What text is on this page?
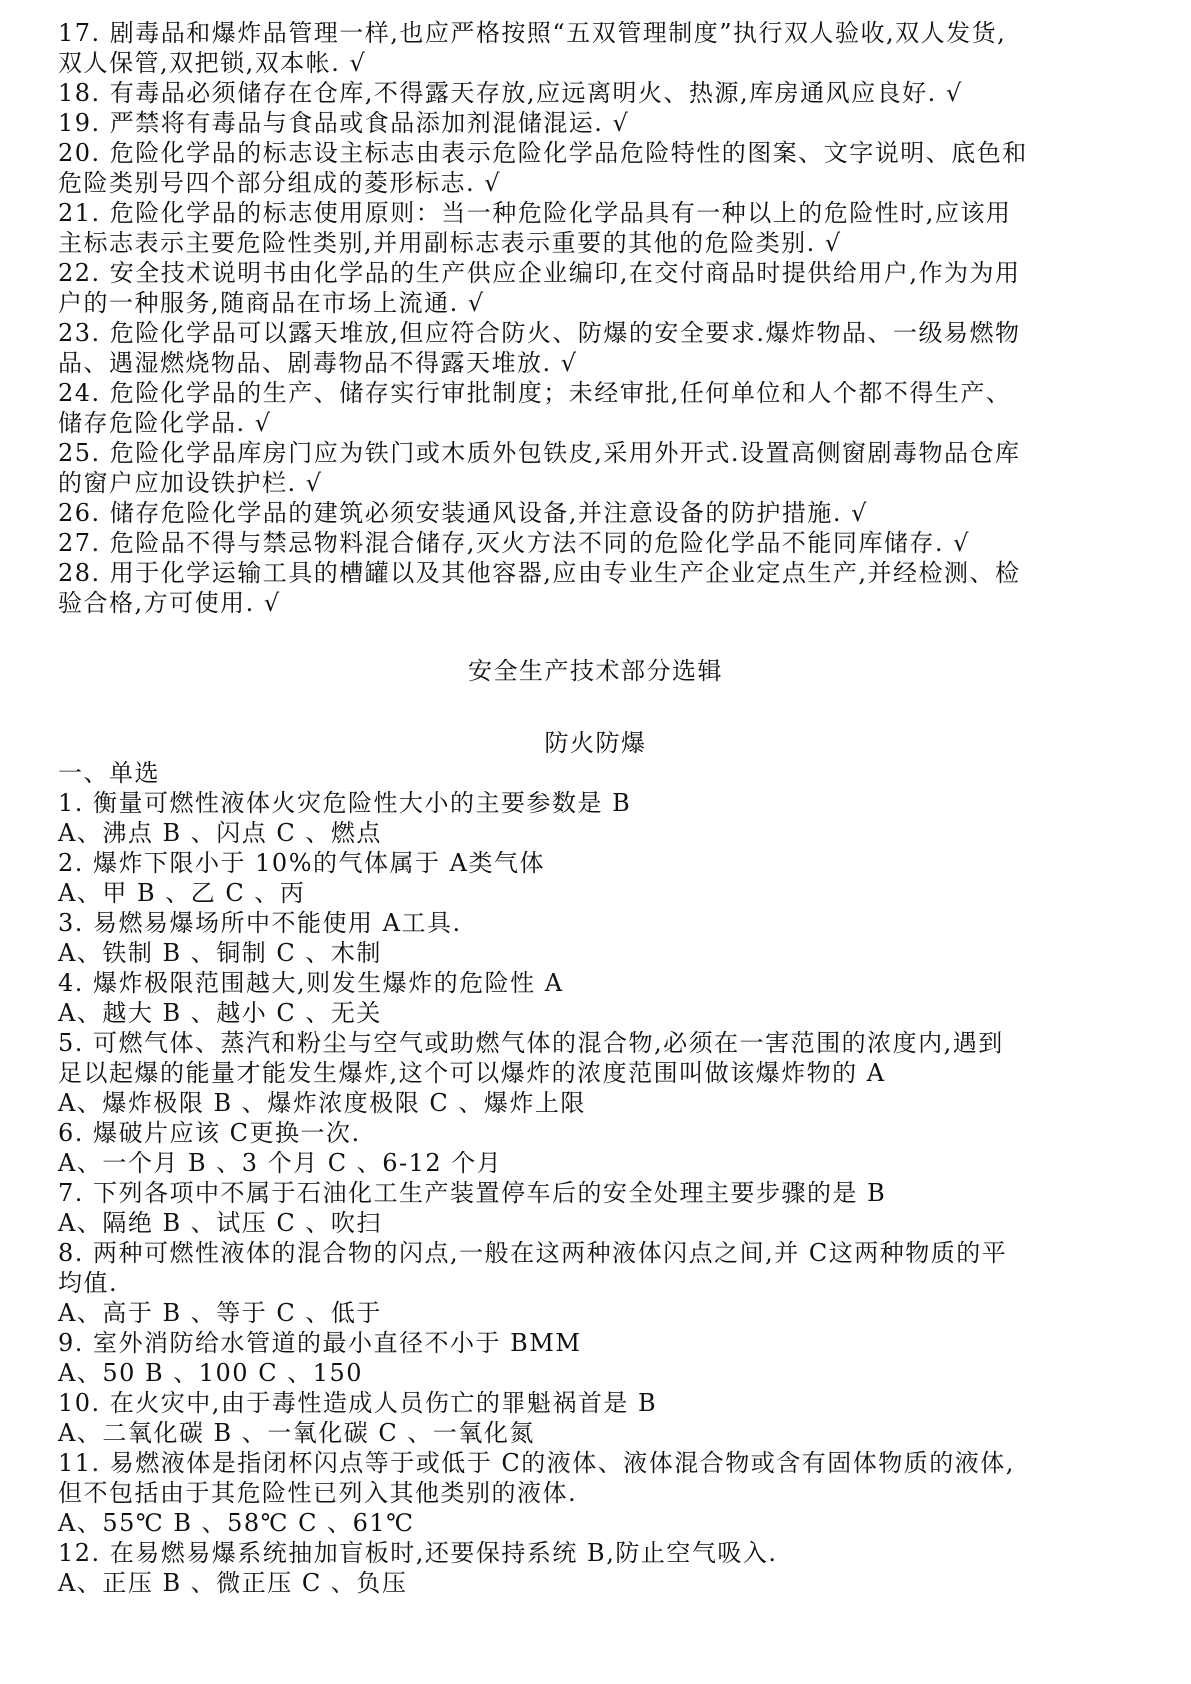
17. 剧毒品和爆炸品管理一样,也应严格按照“五双管理制度”执行双人验收,双人发货,
双人保管,双把锁,双本帐. √
18. 有毒品必须储存在仓库,不得露天存放,应远离明火、热源,库房通风应良好. √
19. 严禁将有毒品与食品或食品添加剂混储混运. √
20. 危险化学品的标志设主标志由表示危险化学品危险特性的图案、文字说明、底色和
危险类别号四个部分组成的菱形标志. √
21. 危险化学品的标志使用原则：当一种危险化学品具有一种以上的危险性时,应该用
主标志表示主要危险性类别,并用副标志表示重要的其他的危险类别. √
22. 安全技术说明书由化学品的生产供应企业编印,在交付商品时提供给用户,作为为用
户的一种服务,随商品在市场上流通. √
23. 危险化学品可以露天堆放,但应符合防火、防爆的安全要求.爆炸物品、一级易燃物
品、遇湿燃烧物品、剧毒物品不得露天堆放. √
24. 危险化学品的生产、储存实行审批制度；未经审批,任何单位和人个都不得生产、
储存危险化学品. √
25. 危险化学品库房门应为铁门或木质外包铁皮,采用外开式.设置高侧窗剧毒物品仓库
的窗户应加设铁护栏. √
26. 储存危险化学品的建筑必须安装通风设备,并注意设备的防护措施. √
27. 危险品不得与禁忌物料混合储存,灭火方法不同的危险化学品不能同库储存. √
28. 用于化学运输工具的槽罐以及其他容器,应由专业生产企业定点生产,并经检测、检
验合格,方可使用. √
安全生产技术部分选辑
防火防爆
一、单选
1. 衡量可燃性液体火灾危险性大小的主要参数是 B
A、沸点 B 、闪点 C 、燃点
2. 爆炸下限小于 10%的气体属于 A类气体
A、甲 B 、乙 C 、丙
3. 易燃易爆场所中不能使用 A工具.
A、铁制 B 、铜制 C 、木制
4. 爆炸极限范围越大,则发生爆炸的危险性 A
A、越大 B 、越小 C 、无关
5. 可燃气体、蒸汽和粉尘与空气或助燃气体的混合物,必须在一害范围的浓度内,遇到
足以起爆的能量才能发生爆炸,这个可以爆炸的浓度范围叫做该爆炸物的 A
A、爆炸极限 B 、爆炸浓度极限 C 、爆炸上限
6. 爆破片应该 C更换一次.
A、一个月 B 、3 个月 C 、6-12 个月
7. 下列各项中不属于石油化工生产装置停车后的安全处理主要步骤的是 B
A、隔绝 B 、试压 C 、吹扫
8. 两种可燃性液体的混合物的闪点,一般在这两种液体闪点之间,并 C这两种物质的平
均值.
A、高于 B 、等于 C 、低于
9. 室外消防给水管道的最小直径不小于 BMM
A、50 B 、100 C 、150
10. 在火灾中,由于毒性造成人员伤亡的罪魁祸首是 B
A、二氧化碳 B 、一氧化碳 C 、一氧化氮
11. 易燃液体是指闭杯闪点等于或低于 C的液体、液体混合物或含有固体物质的液体,
但不包括由于其危险性已列入其他类别的液体.
A、55℃ B 、58℃ C 、61℃
12. 在易燃易爆系统抽加盲板时,还要保持系统 B,防止空气吸入.
A、正压 B 、微正压 C 、负压
